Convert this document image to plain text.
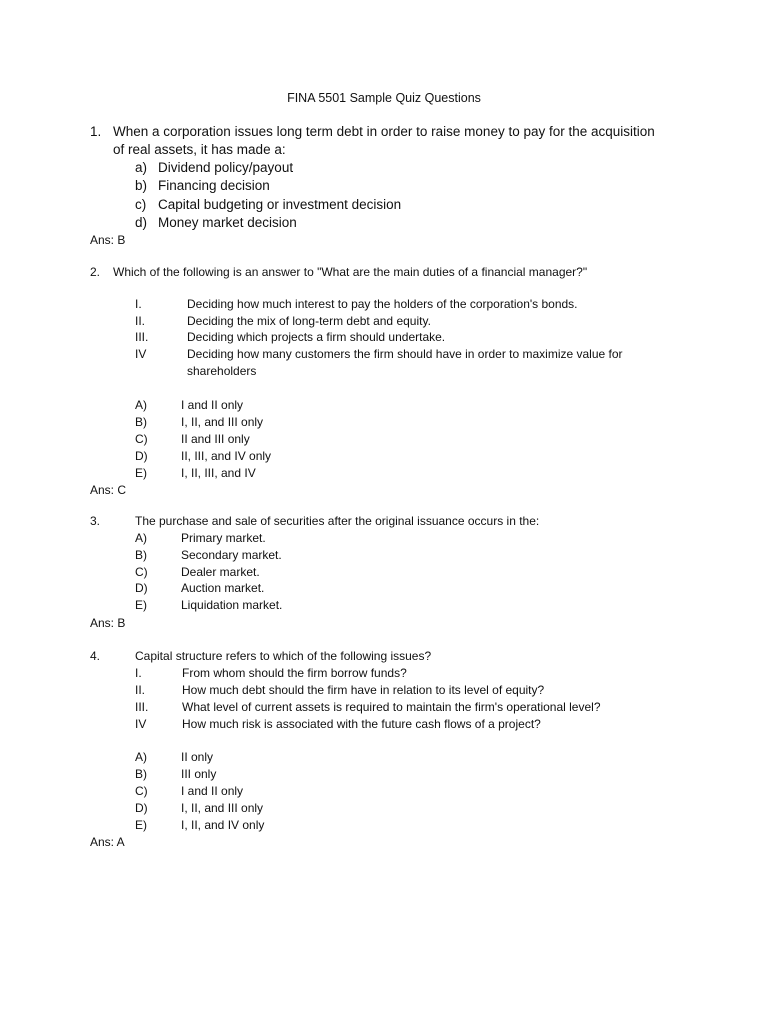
FINA 5501 Sample Quiz Questions
1. When a corporation issues long term debt in order to raise money to pay for the acquisition
of real assets, it has made a:
a) Dividend policy/payout
b) Financing decision
c) Capital budgeting or investment decision
d) Money market decision
Ans: B
2. Which of the following is an answer to "What are the main duties of a financial manager?"
I.	Deciding how much interest to pay the holders of the corporation's bonds.
II.	Deciding the mix of long-term debt and equity.
III.	Deciding which projects a firm should undertake.
IV	Deciding how many customers the firm should have in order to maximize value for
shareholders
A)	I and II only
B)	I, II, and III only
C)	II and III only
D)	II, III, and IV only
E)	I, II, III, and IV
Ans: C
3.	The purchase and sale of securities after the original issuance occurs in the:
A)	Primary market.
B)	Secondary market.
C)	Dealer market.
D)	Auction market.
E)	Liquidation market.
Ans: B
4.	Capital structure refers to which of the following issues?
I.	From whom should the firm borrow funds?
II.	How much debt should the firm have in relation to its level of equity?
III.	What level of current assets is required to maintain the firm's operational level?
IV	How much risk is associated with the future cash flows of a project?
A)	II only
B)	III only
C)	I and II only
D)	I, II, and III only
E)	I, II, and IV only
Ans: A
